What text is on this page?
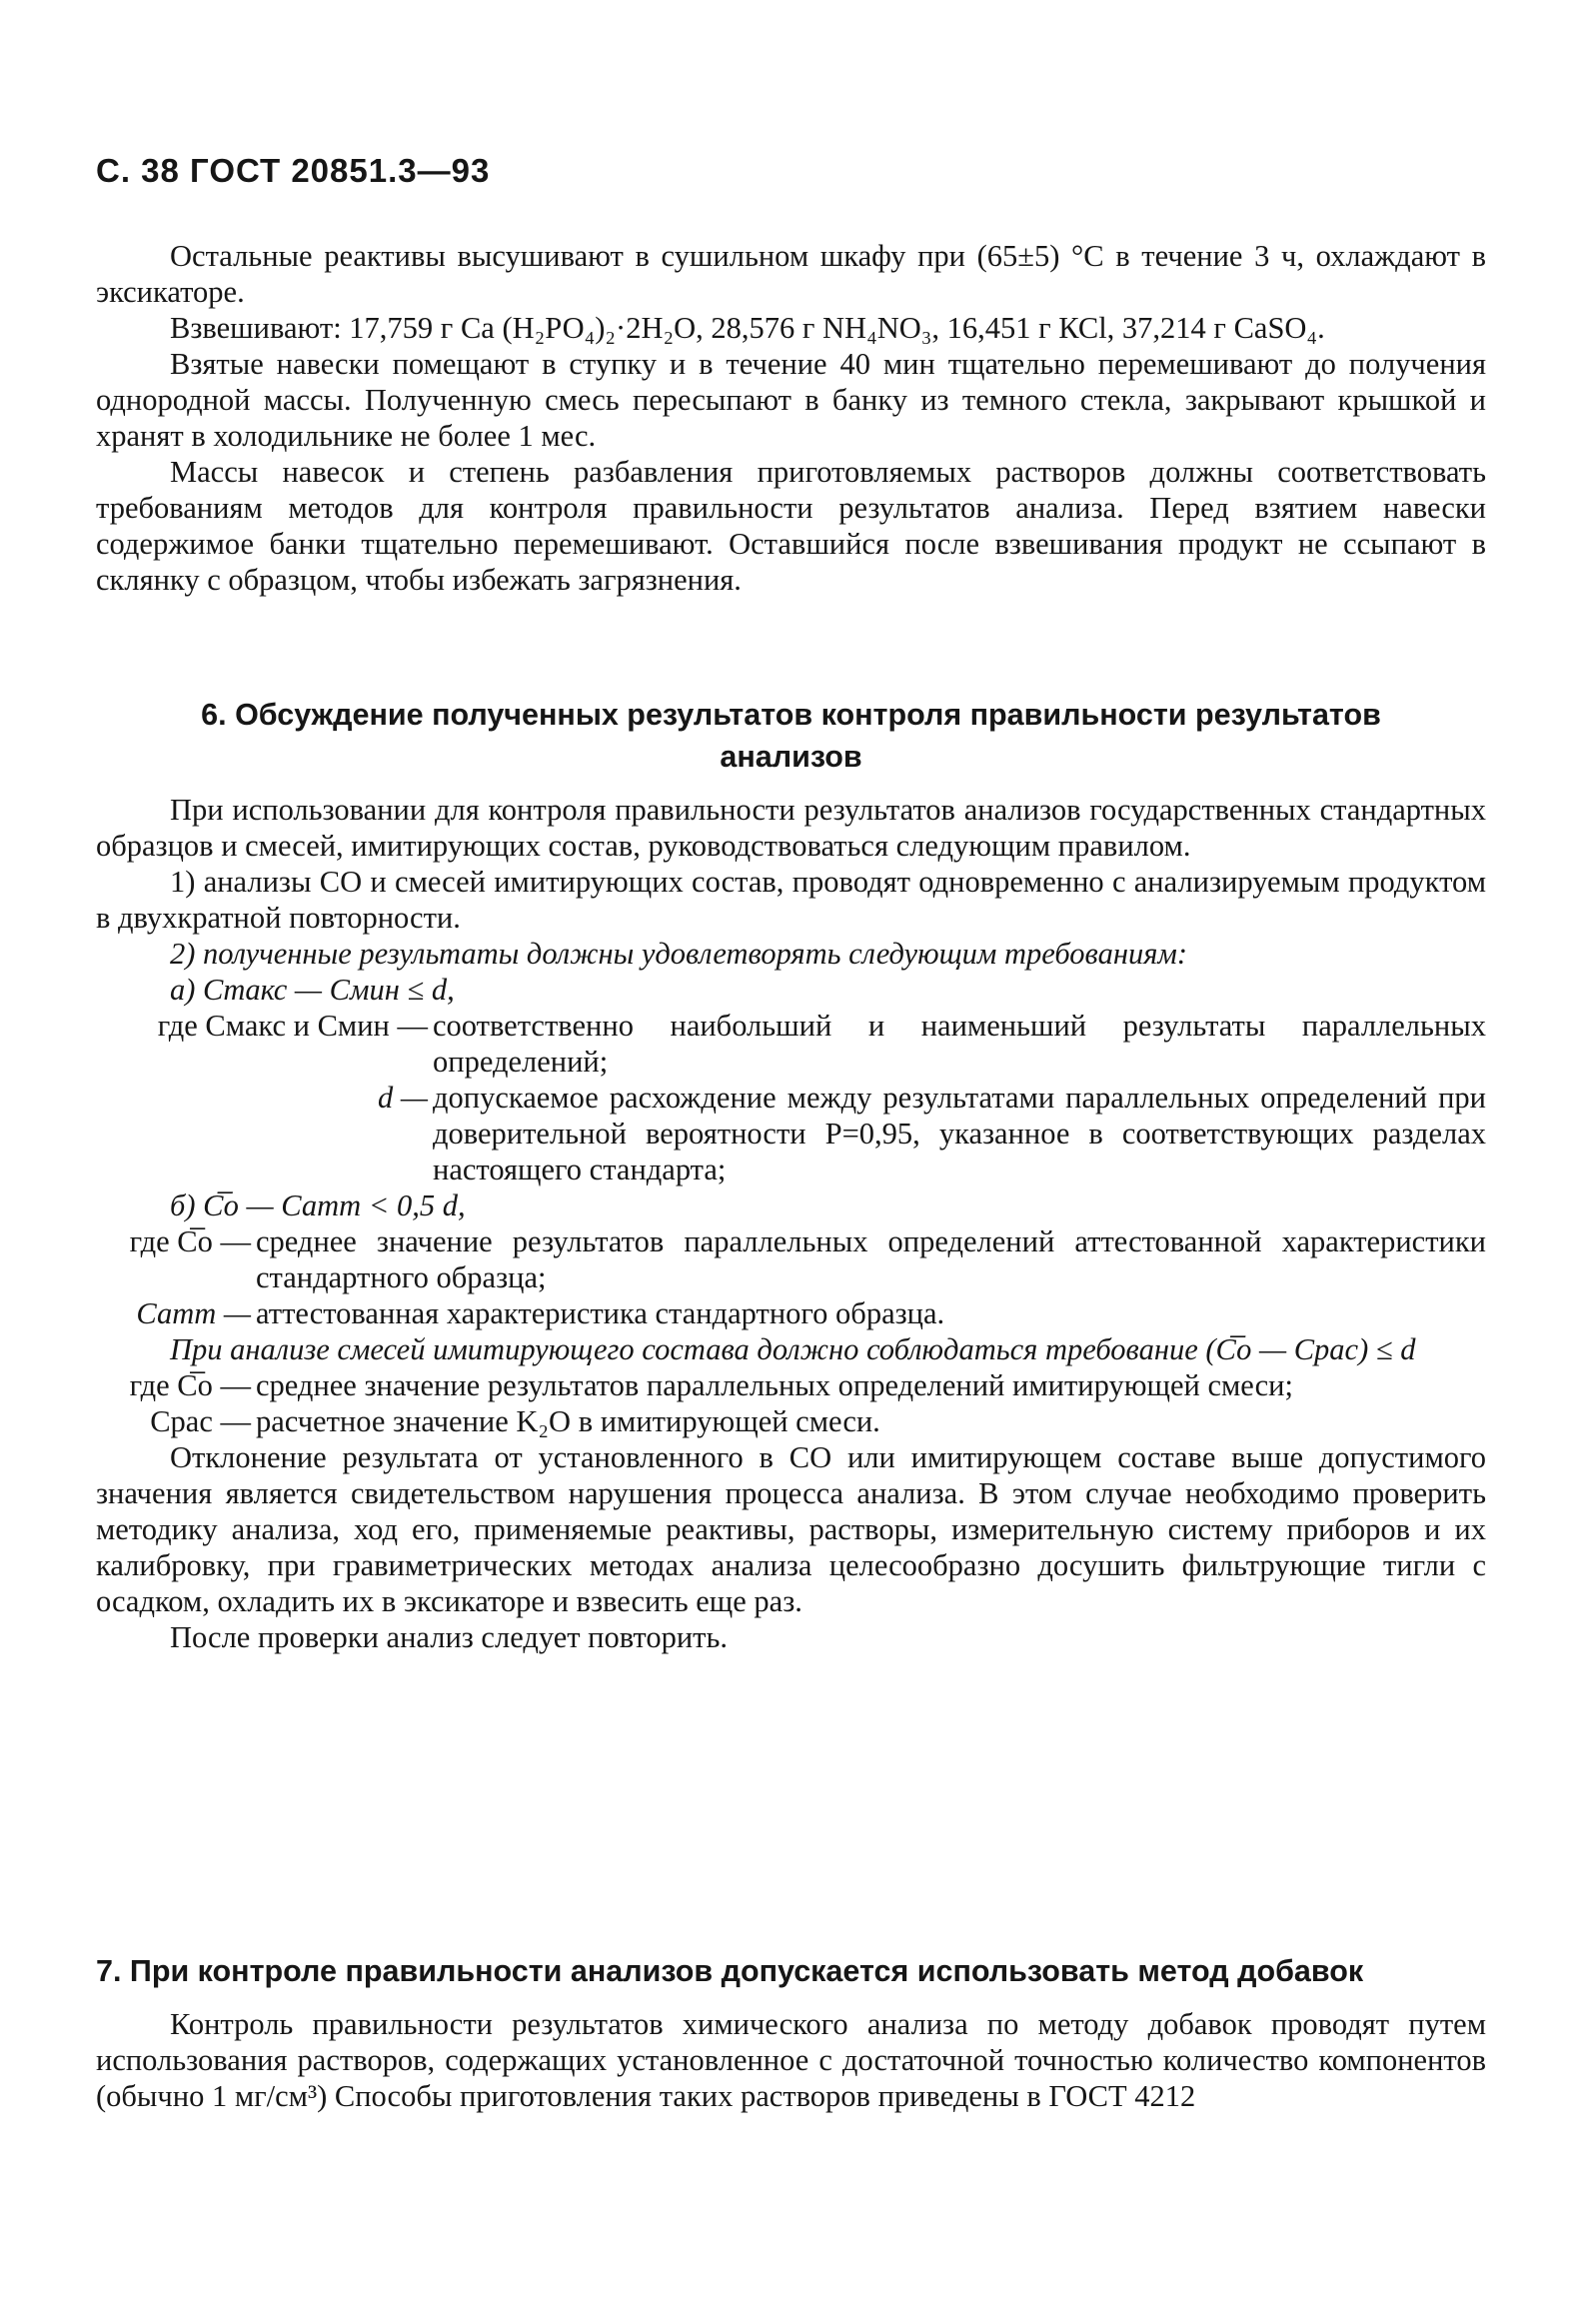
С. 38 ГОСТ 20851.3—93

Остальные реактивы высушивают в сушильном шкафу при (65±5) °С в течение 3 ч, охлаждают в эксикаторе.

Взвешивают: 17,759 г Са (Н₂РО₄)₂·2Н₂О, 28,576 г NH₄NO₃, 16,451 г КСl, 37,214 г CaSO₄.

Взятые навески помещают в ступку и в течение 40 мин тщательно перемешивают до получения однородной массы. Полученную смесь пересыпают в банку из темного стекла, закрывают крышкой и хранят в холодильнике не более 1 мес.

Массы навесок и степень разбавления приготовляемых растворов должны соответствовать требованиям методов для контроля правильности результатов анализа. Перед взятием навески содержимое банки тщательно перемешивают. Оставшийся после взвешивания продукт не ссыпают в склянку с образцом, чтобы избежать загрязнения.

6. Обсуждение полученных результатов контроля правильности результатов анализов

При использовании для контроля правильности результатов анализов государственных стандартных образцов и смесей, имитирующих состав, руководствоваться следующим правилом.

1) анализы СО и смесей имитирующих состав, проводят одновременно с анализируемым продуктом в двухкратной повторности.

2) полученные результаты должны удовлетворять следующим требованиям:

а) Сmакс — Смин ≤ d,

где Смакс и Смин — соответственно наибольший и наименьший результаты параллельных определений;
d — допускаемое расхождение между результатами параллельных определений при доверительной вероятности Р=0,95, указанное в соответствующих разделах настоящего стандарта;

б) С̅о — Сатт < 0,5 d,

где С̅о — среднее значение результатов параллельных определений аттестованной характеристики стандартного образца;
Сатт — аттестованная характеристика стандартного образца.

При анализе смесей имитирующего состава должно соблюдаться требование (С̅о — Срас) ≤ d

где С̅о — среднее значение результатов параллельных определений имитирующей смеси;
Срас — расчетное значение K₂O в имитирующей смеси.

Отклонение результата от установленного в СО или имитирующем составе выше допустимого значения является свидетельством нарушения процесса анализа. В этом случае необходимо проверить методику анализа, ход его, применяемые реактивы, растворы, измерительную систему приборов и их калибровку, при гравиметрических методах анализа целесообразно досушить фильтрующие тигли с осадком, охладить их в эксикаторе и взвесить еще раз.

После проверки анализ следует повторить.

7. При контроле правильности анализов допускается использовать метод добавок

Контроль правильности результатов химического анализа по методу добавок проводят путем использования растворов, содержащих установленное с достаточной точностью количество компонентов (обычно 1 мг/см³) Способы приготовления таких растворов приведены в ГОСТ 4212
